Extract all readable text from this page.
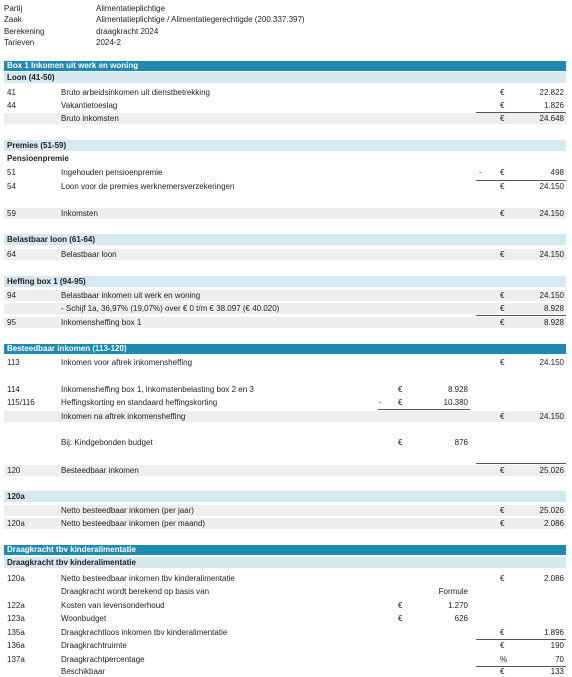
Partij	Alimentatieplichtige
Zaak	Alimentatieplichtige / Alimentatiegerechtigde (200.337.397)
Berekening	draagkracht 2024
Tarieven	2024-2
Box 1 Inkomen uit werk en woning
Loon (41-50)
41	Bruto arbeidsinkomen uit dienstbetrekking	€	22.822
44	Vakantietoeslag	€	1.826
Bruto inkomsten	€	24.648
Premies (51-59)
Pensioenpremie
51	Ingehouden pensioenpremie	- €	498
54	Loon voor de premies werknemersverzekeringen	€	24.150
59	Inkomsten	€	24.150
Belastbaar loon (61-64)
64	Belastbaar loon	€	24.150
Heffing box 1 (94-95)
94	Belastbaar inkomen uit werk en woning	€	24.150
- Schijf 1a, 36,97% (19,07%) over € 0 t/m € 38.097 (€ 40.020)	€	8.928
95	Inkomensheffing box 1	€	8.928
Besteedbaar inkomen (113-120)
113	Inkomen voor aftrek inkomensheffing	€	24.150
114	Inkomensheffing box 1, inkomstenbelasting box 2 en 3	€	8.928
115/116	Heffingskorting en standaard heffingskorting	- €	10.380
Inkomen na aftrek inkomensheffing	€	24.150
Bij: Kindgebonden budget	€	876
120	Besteedbaar inkomen	€	25.026
120a
Netto besteedbaar inkomen (per jaar)	€	25.026
120a	Netto besteedbaar inkomen (per maand)	€	2.086
Draagkracht tbv kinderalimentatie
Draagkracht tbv kinderalimentatie
120a	Netto besteedbaar inkomen tbv kinderalimentatie	€	2.086
Draagkracht wordt berekend op basis van	Formule
122a	Kosten van levensonderhoud	€	1.270
123a	Woonbudget	€	626
135a	Draagkrachtloos inkomen tbv kinderalimentatie	€	1.896
136a	Draagkrachtruimte	€	190
137a	Draagkrachtpercentage	%	70
Beschikbaar	€	133
